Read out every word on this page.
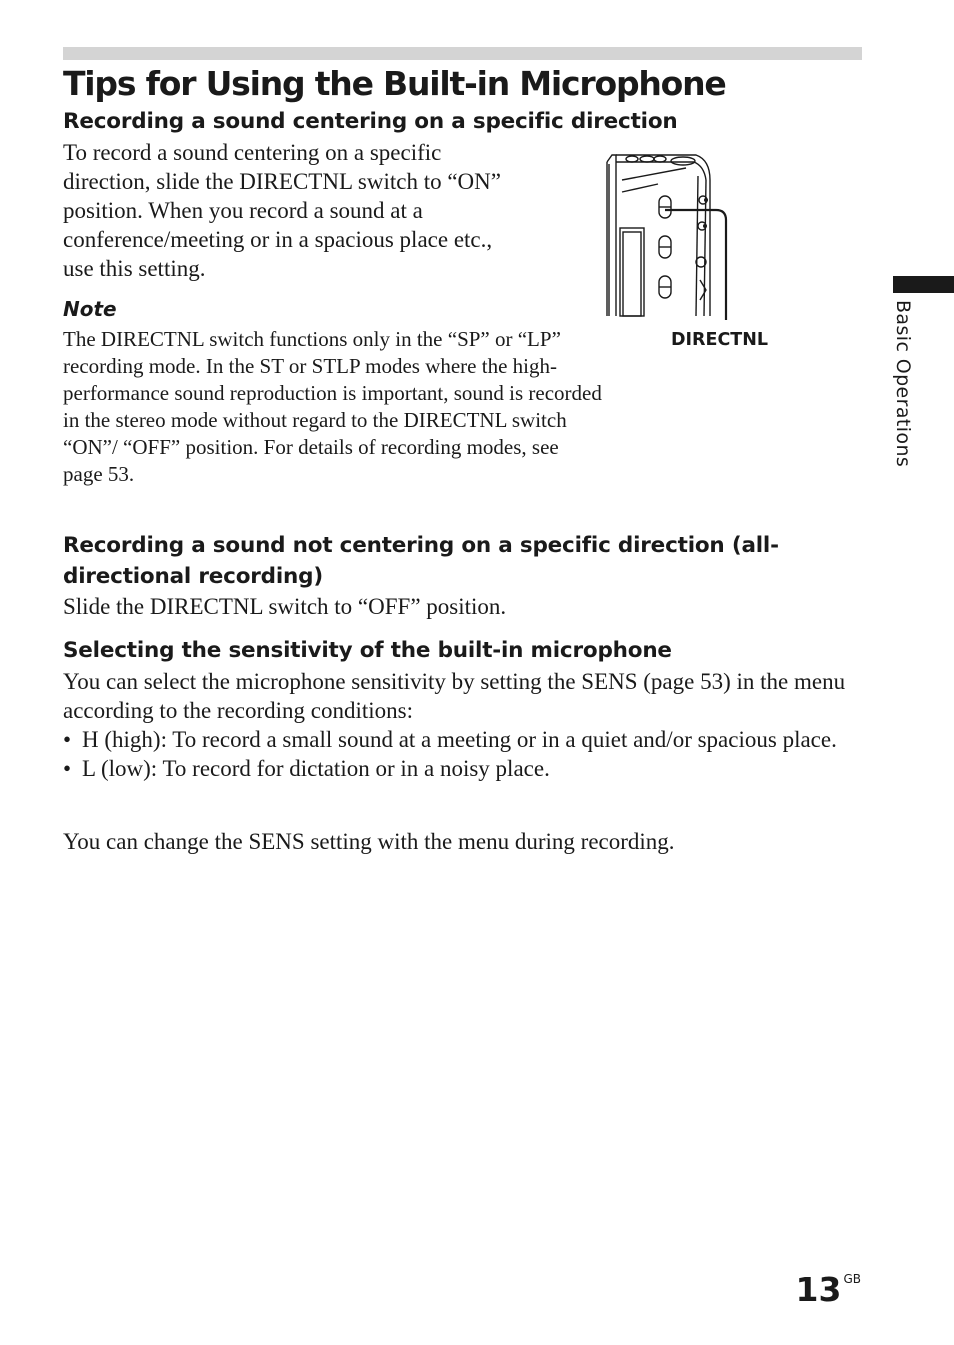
Tips for Using the Built-in Microphone
Recording a sound centering on a specific direction

To record a sound centering on a specific direction, slide the DIRECTNL switch to “ON” position. When you record a sound at a conference/meeting or in a spacious place etc., use this setting.

Note

The DIRECTNL switch functions only in the “SP” or “LP” recording mode. In the ST or STLP modes where the high-performance sound reproduction is important, sound is recorded in the stereo mode without regard to the DIRECTNL switch “ON”/ “OFF” position. For details of recording modes, see page 53.

DIRECTNL
Recording a sound not centering on a specific direction (all-
directional recording)

Slide the DIRECTNL switch to “OFF” position.

Selecting the sensitivity of the built-in microphone

You can select the microphone sensitivity by setting the SENS (page 53) in the menu according to the recording conditions:

• H (high): To record a small sound at a meeting or in a quiet and/or spacious place.
• L (low): To record for dictation or in a noisy place.

You can change the SENS setting with the menu during recording.

Basic Operations
13 $^{GB}$
